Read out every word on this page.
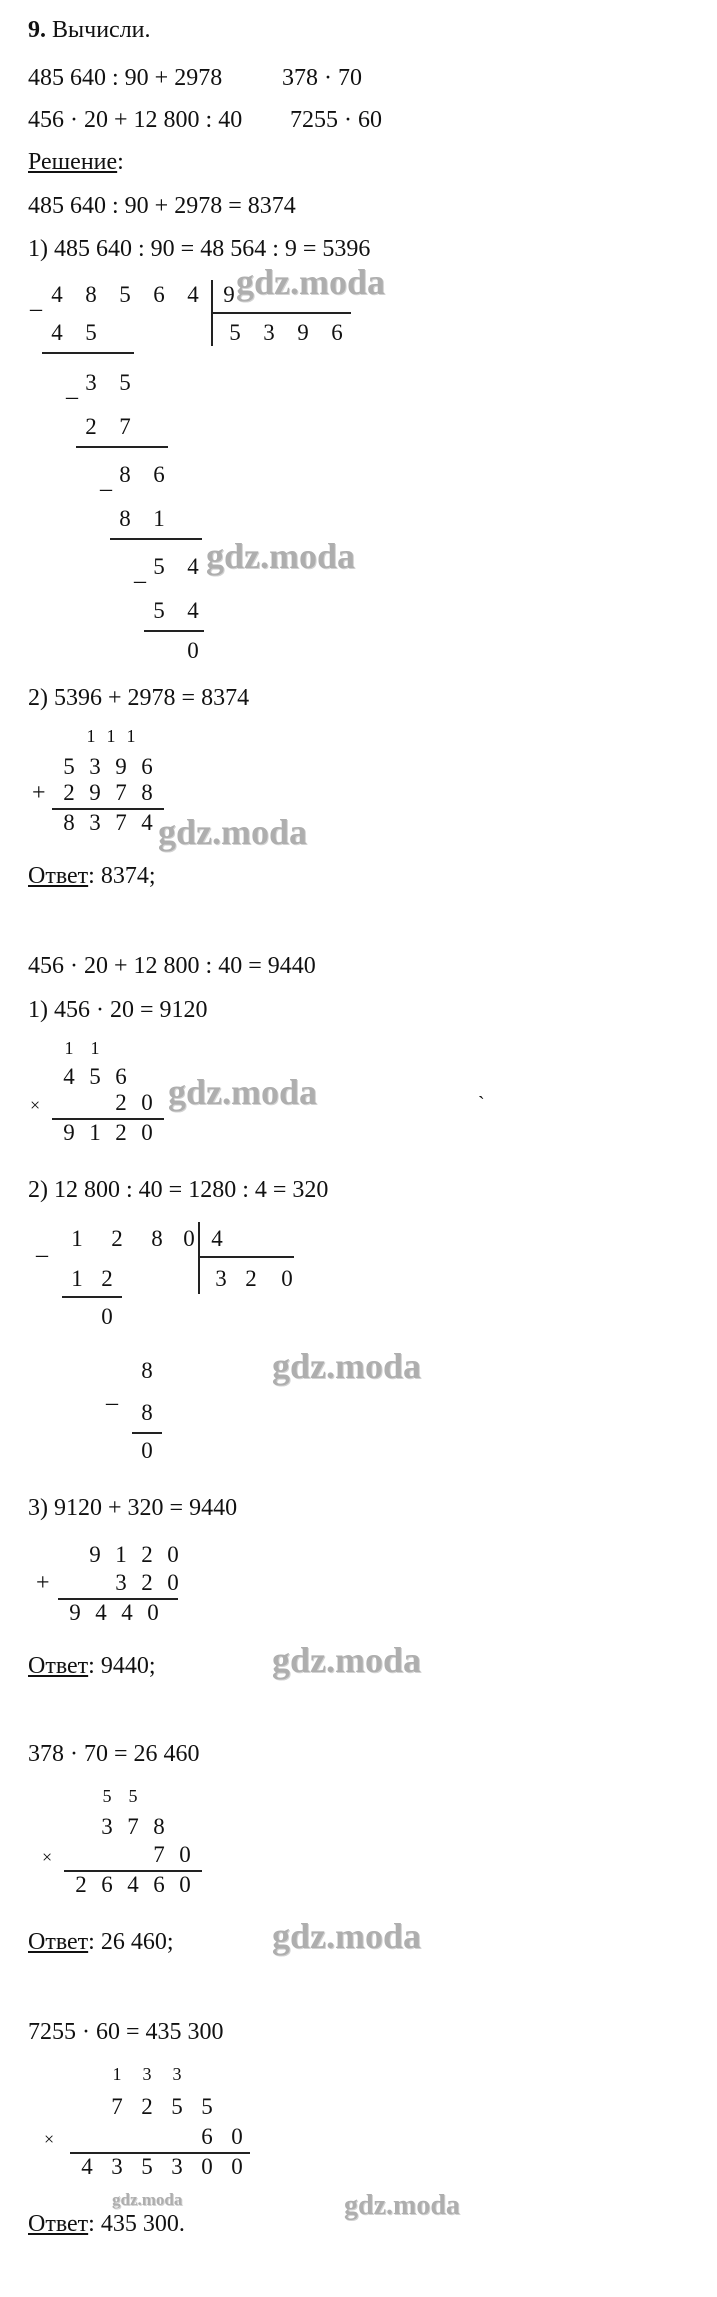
9. Вычисли.
485 640 : 90 + 2978 378 · 70
456 · 20 + 12 800 : 40 7255 · 60
Решение:
485 640 : 90 + 2978 = 8374
1) 485 640 : 90 = 48 564 : 9 = 5396
_ 4 8 5 6 4 9
5 3 9 6
4 5
_ 3 5
2 7
_ 8 6
8 1
_ 5 4
5 4
0
2) 5396 + 2978 = 8374
1 1 1
5 3 9 6
+ 2 9 7 8
8 3 7 4
Ответ: 8374;
456 · 20 + 12 800 : 40 = 9440
1) 456 · 20 = 9120
1 1
4 5 6
×	2 0
9 1 2 0
`
2) 12 800 : 40 = 1280 : 4 = 320
_ 1 2 8 0 4
3 2 0
1 2
0
_
8
8
0
3) 9120 + 320 = 9440
9 1 2 0
+	3 2 0
9 4 4 0
Ответ: 9440;
378 · 70 = 26 460
5 5
3 7 8
×	7 0
2 6 4 6 0
Ответ: 26 460;
7255 · 60 = 435 300
1	3	3
7 2 5 5
×	6 0
4 3 5 3 0 0
Ответ: 435 300.
gdz.moda
gdz.moda
gdz.moda
gdz.moda
gdz.moda
gdz.moda
gdz.moda
gdz.moda
gdz.moda
